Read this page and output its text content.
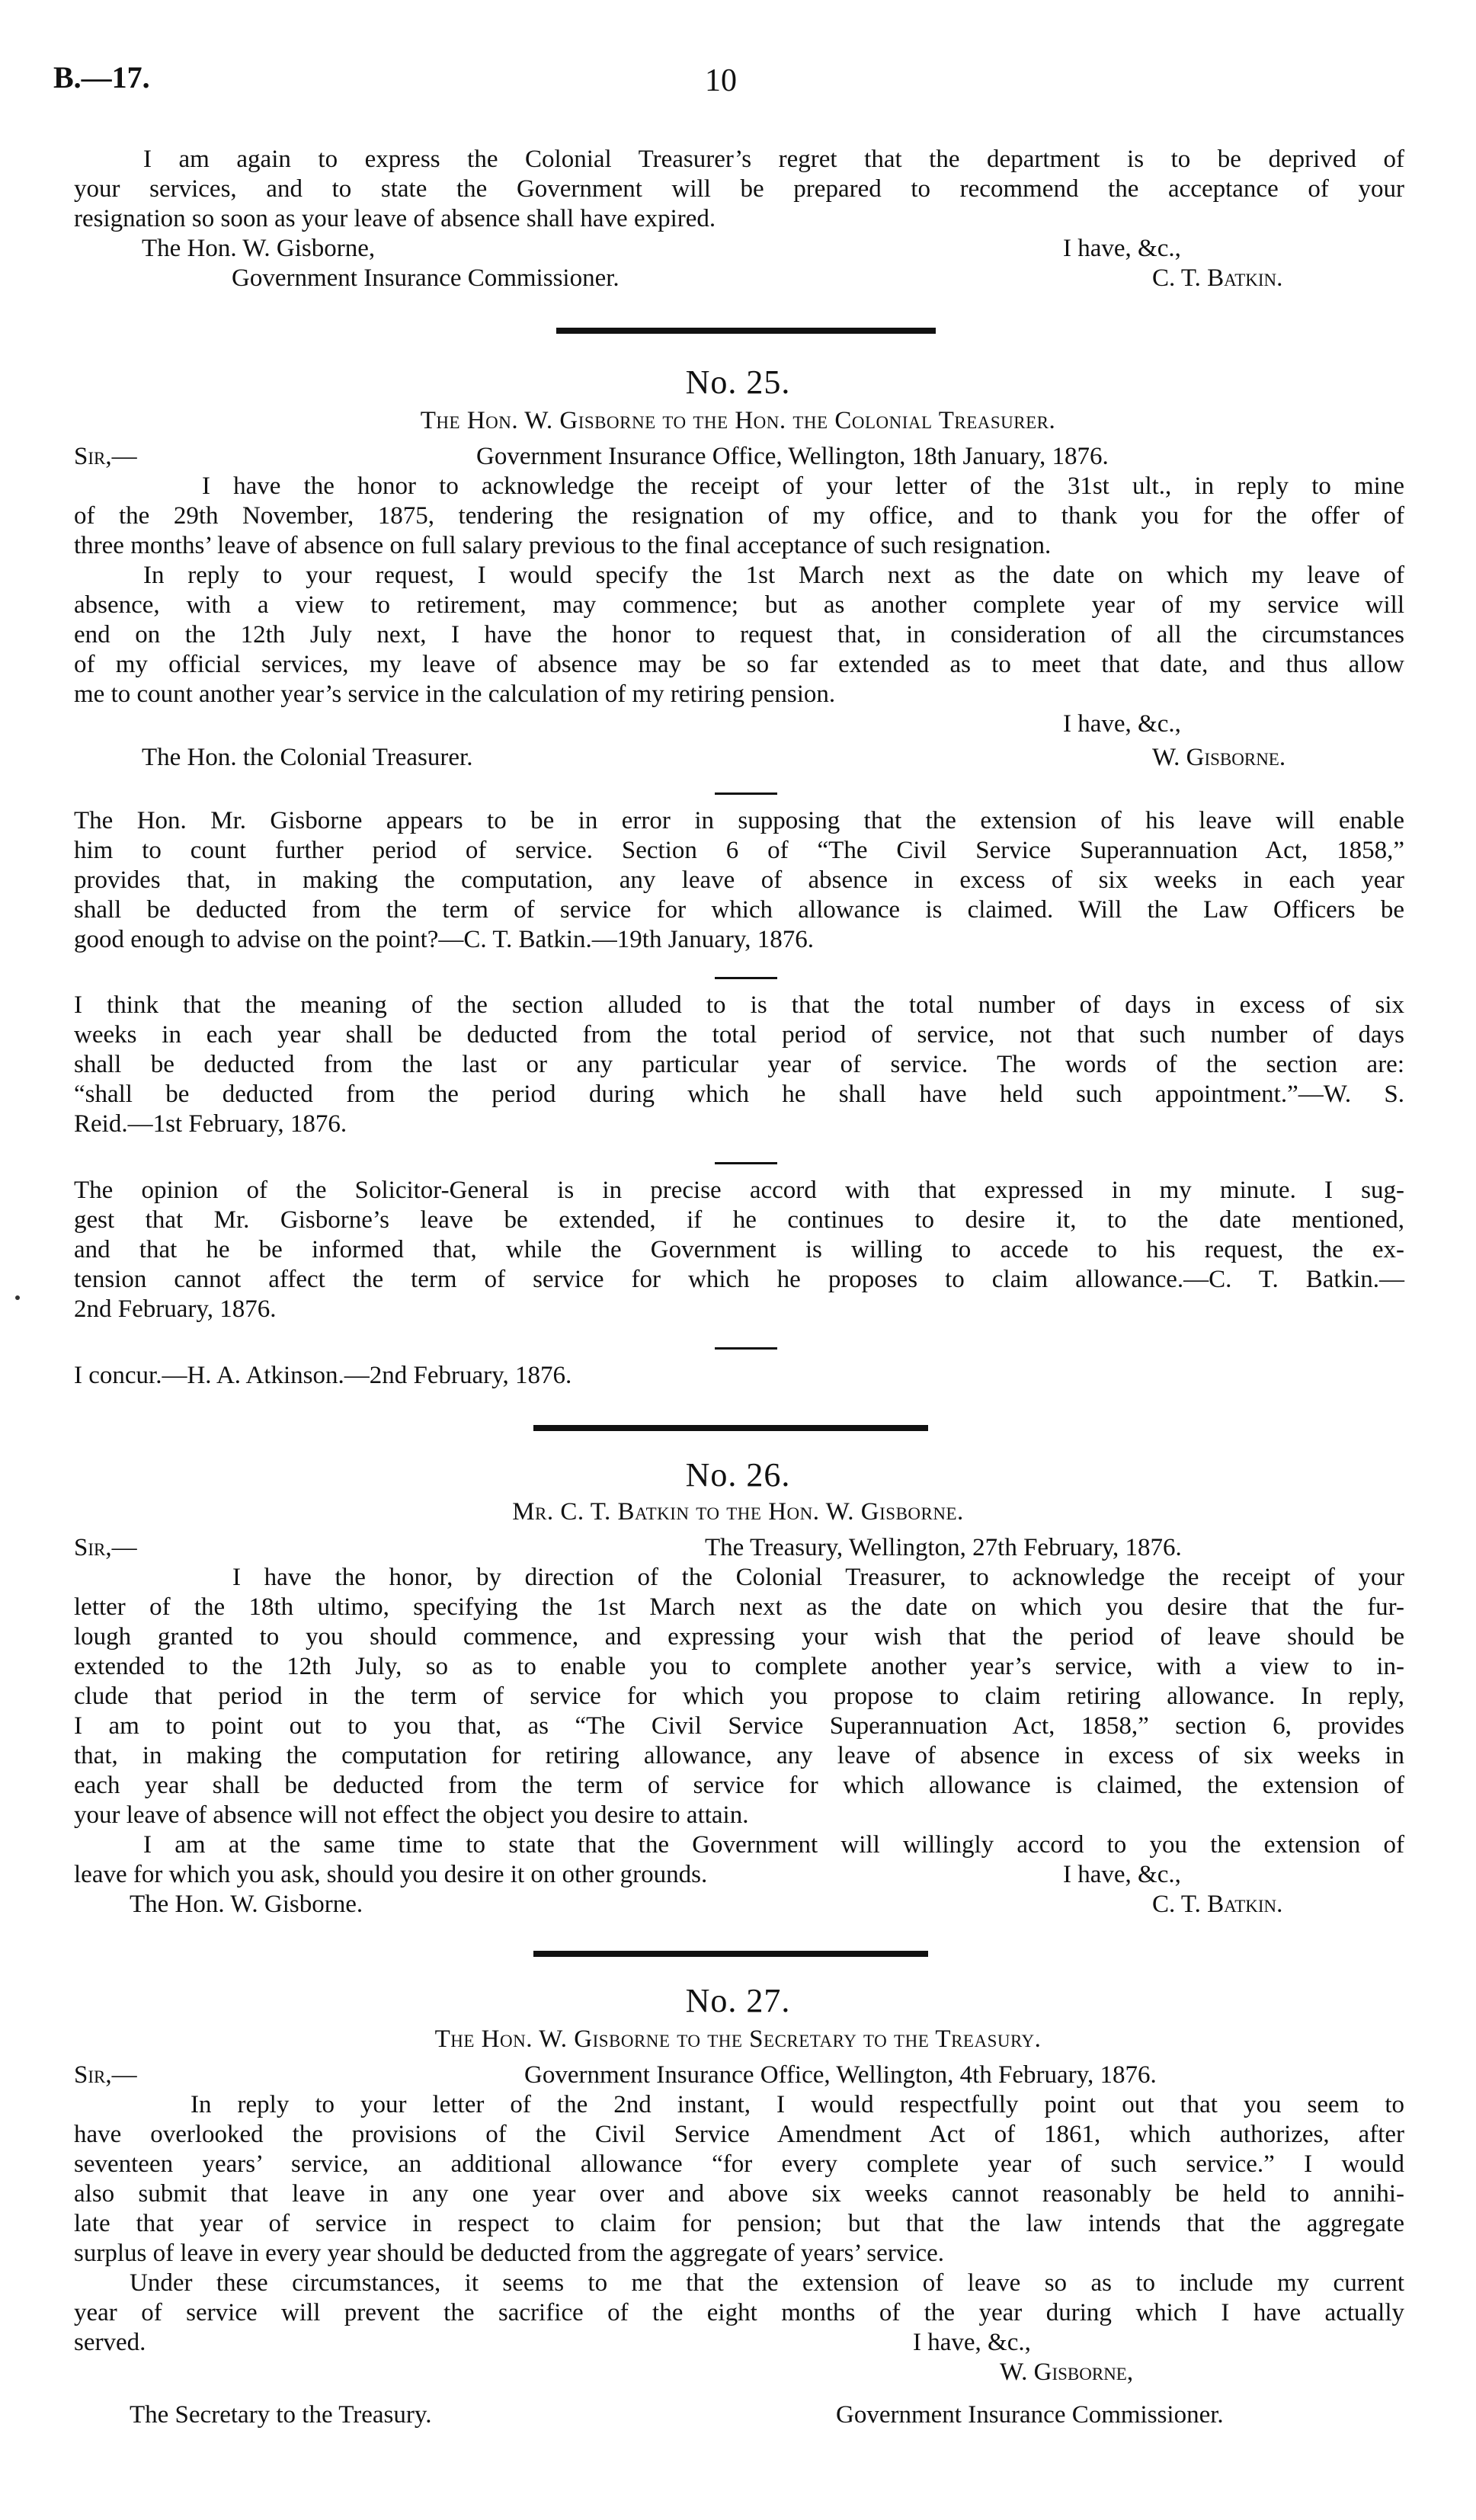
B.—17.	10
I am again to express the Colonial Treasurer’s regret that the department is to be deprived of
your services, and to state the Government will be prepared to recommend the acceptance of your
resignation so soon as your leave of absence shall have expired.
The Hon. W. Gisborne,	I have, &c.,
Government Insurance Commissioner.	C. T. Batkin.
No. 25.
The Hon. W. Gisborne to the Hon. the Colonial Treasurer.
Sir,—	Government Insurance Office, Wellington, 18th January, 1876.
I have the honor to acknowledge the receipt of your letter of the 31st ult., in reply to mine
of the 29th November, 1875, tendering the resignation of my office, and to thank you for the offer of
three months’ leave of absence on full salary previous to the final acceptance of such resignation.
In reply to your request, I would specify the 1st March next as the date on which my leave of
absence, with a view to retirement, may commence; but as another complete year of my service will
end on the 12th July next, I have the honor to request that, in consideration of all the circumstances
of my official services, my leave of absence may be so far extended as to meet that date, and thus allow
me to count another year’s service in the calculation of my retiring pension.
I have, &c.,
The Hon. the Colonial Treasurer.	W. Gisborne.
The Hon. Mr. Gisborne appears to be in error in supposing that the extension of his leave will enable
him to count further period of service. Section 6 of “The Civil Service Superannuation Act, 1858,”
provides that, in making the computation, any leave of absence in excess of six weeks in each year
shall be deducted from the term of service for which allowance is claimed. Will the Law Officers be
good enough to advise on the point?—C. T. Batkin.—19th January, 1876.
I think that the meaning of the section alluded to is that the total number of days in excess of six
weeks in each year shall be deducted from the total period of service, not that such number of days
shall be deducted from the last or any particular year of service. The words of the section are:
“shall be deducted from the period during which he shall have held such appointment.”—W. S.
Reid.—1st February, 1876.
The opinion of the Solicitor-General is in precise accord with that expressed in my minute. I sug-
gest that Mr. Gisborne’s leave be extended, if he continues to desire it, to the date mentioned,
and that he be informed that, while the Government is willing to accede to his request, the ex-
tension cannot affect the term of service for which he proposes to claim allowance.—C. T. Batkin.—
2nd February, 1876.
I concur.—H. A. Atkinson.—2nd February, 1876.
No. 26.
Mr. C. T. Batkin to the Hon. W. Gisborne.
Sir,—	The Treasury, Wellington, 27th February, 1876.
I have the honor, by direction of the Colonial Treasurer, to acknowledge the receipt of your
letter of the 18th ultimo, specifying the 1st March next as the date on which you desire that the fur-
lough granted to you should commence, and expressing your wish that the period of leave should be
extended to the 12th July, so as to enable you to complete another year’s service, with a view to in-
clude that period in the term of service for which you propose to claim retiring allowance. In reply,
I am to point out to you that, as “The Civil Service Superannuation Act, 1858,” section 6, provides
that, in making the computation for retiring allowance, any leave of absence in excess of six weeks in
each year shall be deducted from the term of service for which allowance is claimed, the extension of
your leave of absence will not effect the object you desire to attain.
I am at the same time to state that the Government will willingly accord to you the extension of
leave for which you ask, should you desire it on other grounds.	I have, &c.,
The Hon. W. Gisborne.	C. T. Batkin.
No. 27.
The Hon. W. Gisborne to the Secretary to the Treasury.
Sir,—	Government Insurance Office, Wellington, 4th February, 1876.
In reply to your letter of the 2nd instant, I would respectfully point out that you seem to
have overlooked the provisions of the Civil Service Amendment Act of 1861, which authorizes, after
seventeen years’ service, an additional allowance “for every complete year of such service.” I would
also submit that leave in any one year over and above six weeks cannot reasonably be held to annihi-
late that year of service in respect to claim for pension; but that the law intends that the aggregate
surplus of leave in every year should be deducted from the aggregate of years’ service.
Under these circumstances, it seems to me that the extension of leave so as to include my current
year of service will prevent the sacrifice of the eight months of the year during which I have actually
served.	I have, &c.,
W. Gisborne,
The Secretary to the Treasury.	Government Insurance Commissioner.
